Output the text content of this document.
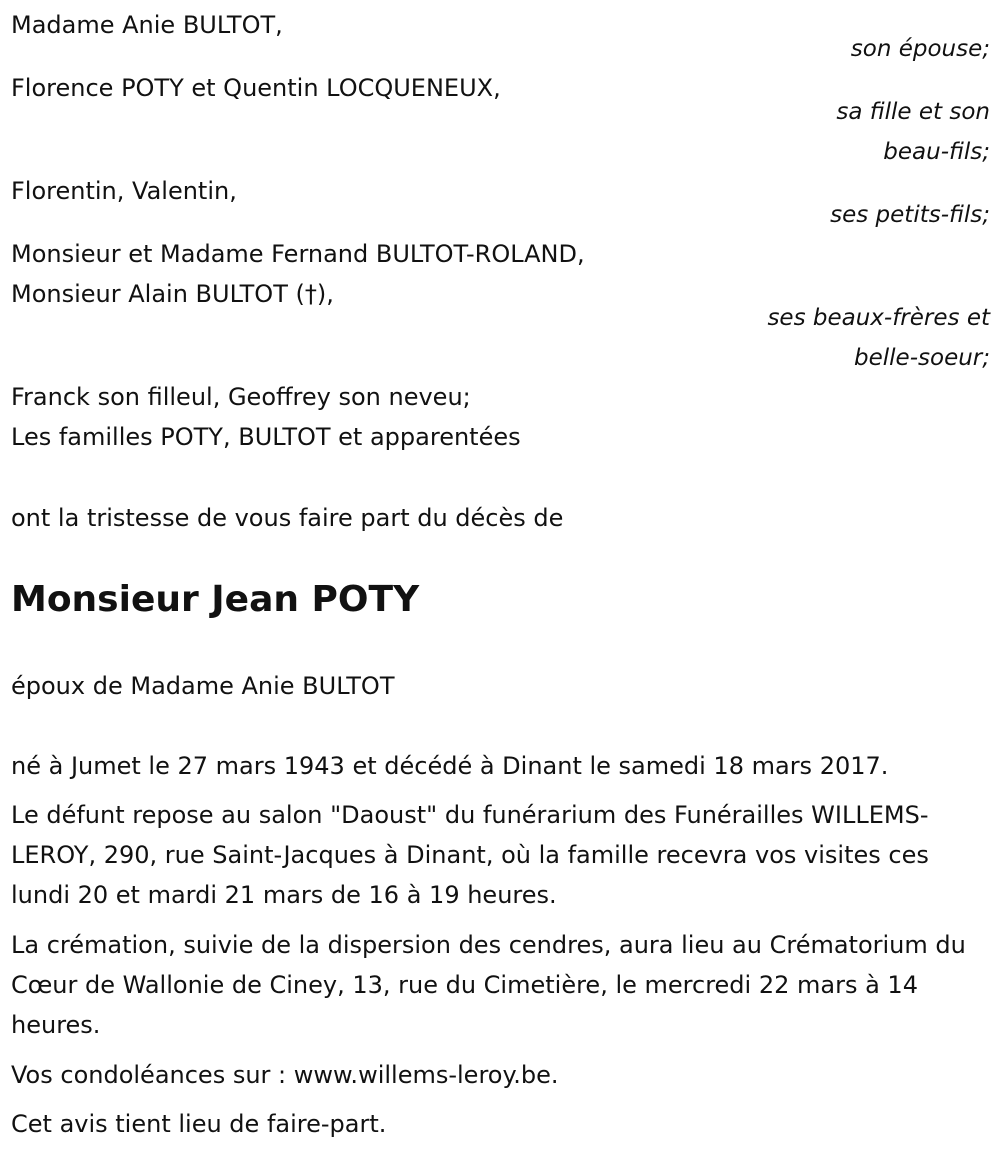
Madame Anie BULTOT,
son épouse;
Florence POTY et Quentin LOCQUENEUX,
sa fille et son
beau-fils;
Florentin, Valentin,
ses petits-fils;
Monsieur et Madame Fernand BULTOT-ROLAND,
Monsieur Alain BULTOT (†),
ses beaux-frères et
belle-soeur;
Franck son filleul, Geoffrey son neveu;
Les familles POTY, BULTOT et apparentées
ont la tristesse de vous faire part du décès de
Monsieur Jean POTY
époux de Madame Anie BULTOT
né à Jumet le 27 mars 1943 et décédé à Dinant le samedi 18 mars 2017.
Le défunt repose au salon "Daoust" du funérarium des Funérailles WILLEMS-LEROY, 290, rue Saint-Jacques à Dinant, où la famille recevra vos visites ces lundi 20 et mardi 21 mars de 16 à 19 heures.
La crémation, suivie de la dispersion des cendres, aura lieu au Crématorium du Cœur de Wallonie de Ciney, 13, rue du Cimetière, le mercredi 22 mars à 14 heures.
Vos condoléances sur : www.willems-leroy.be.
Cet avis tient lieu de faire-part.
